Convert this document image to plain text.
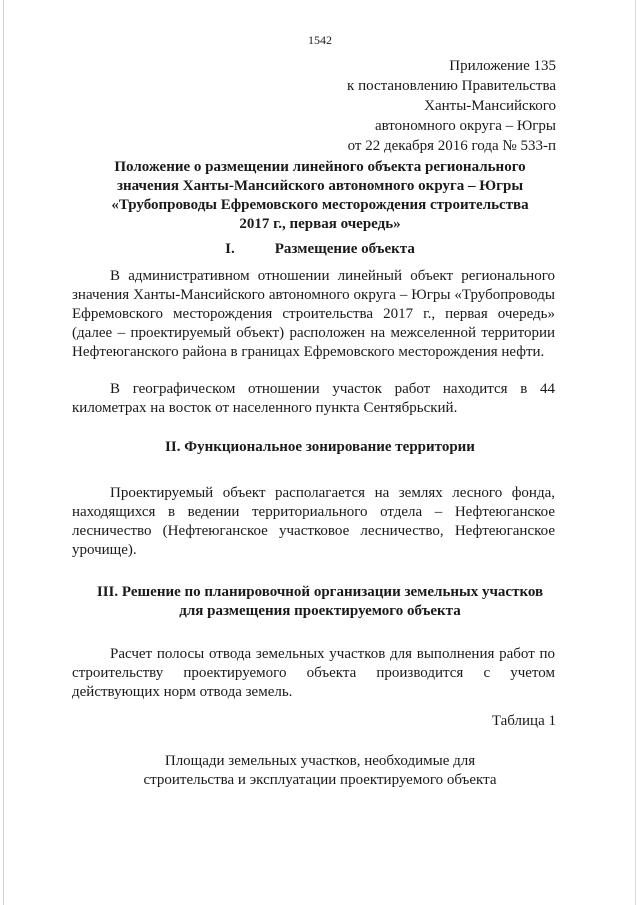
1542
Приложение 135
к постановлению Правительства
Ханты-Мансийского
автономного округа – Югры
от 22 декабря 2016 года № 533-п
Положение о размещении линейного объекта регионального
значения Ханты-Мансийского автономного округа – Югры
«Трубопроводы Ефремовского месторождения строительства
2017 г., первая очередь»
I.	Размещение объекта
В административном отношении линейный объект регионального значения Ханты-Мансийского автономного округа – Югры «Трубопроводы Ефремовского месторождения строительства 2017 г., первая очередь» (далее – проектируемый объект) расположен на межселенной территории Нефтеюганского района в границах Ефремовского месторождения нефти.
В географическом отношении участок работ находится в 44 километрах на восток от населенного пункта Сентябрьский.
II. Функциональное зонирование территории
Проектируемый объект располагается на землях лесного фонда, находящихся в ведении территориального отдела – Нефтеюганское лесничество (Нефтеюганское участковое лесничество, Нефтеюганское урочище).
III. Решение по планировочной организации земельных участков
для размещения проектируемого объекта
Расчет полосы отвода земельных участков для выполнения работ по строительству проектируемого объекта производится с учетом действующих норм отвода земель.
Таблица 1
Площади земельных участков, необходимые для
строительства и эксплуатации проектируемого объекта
